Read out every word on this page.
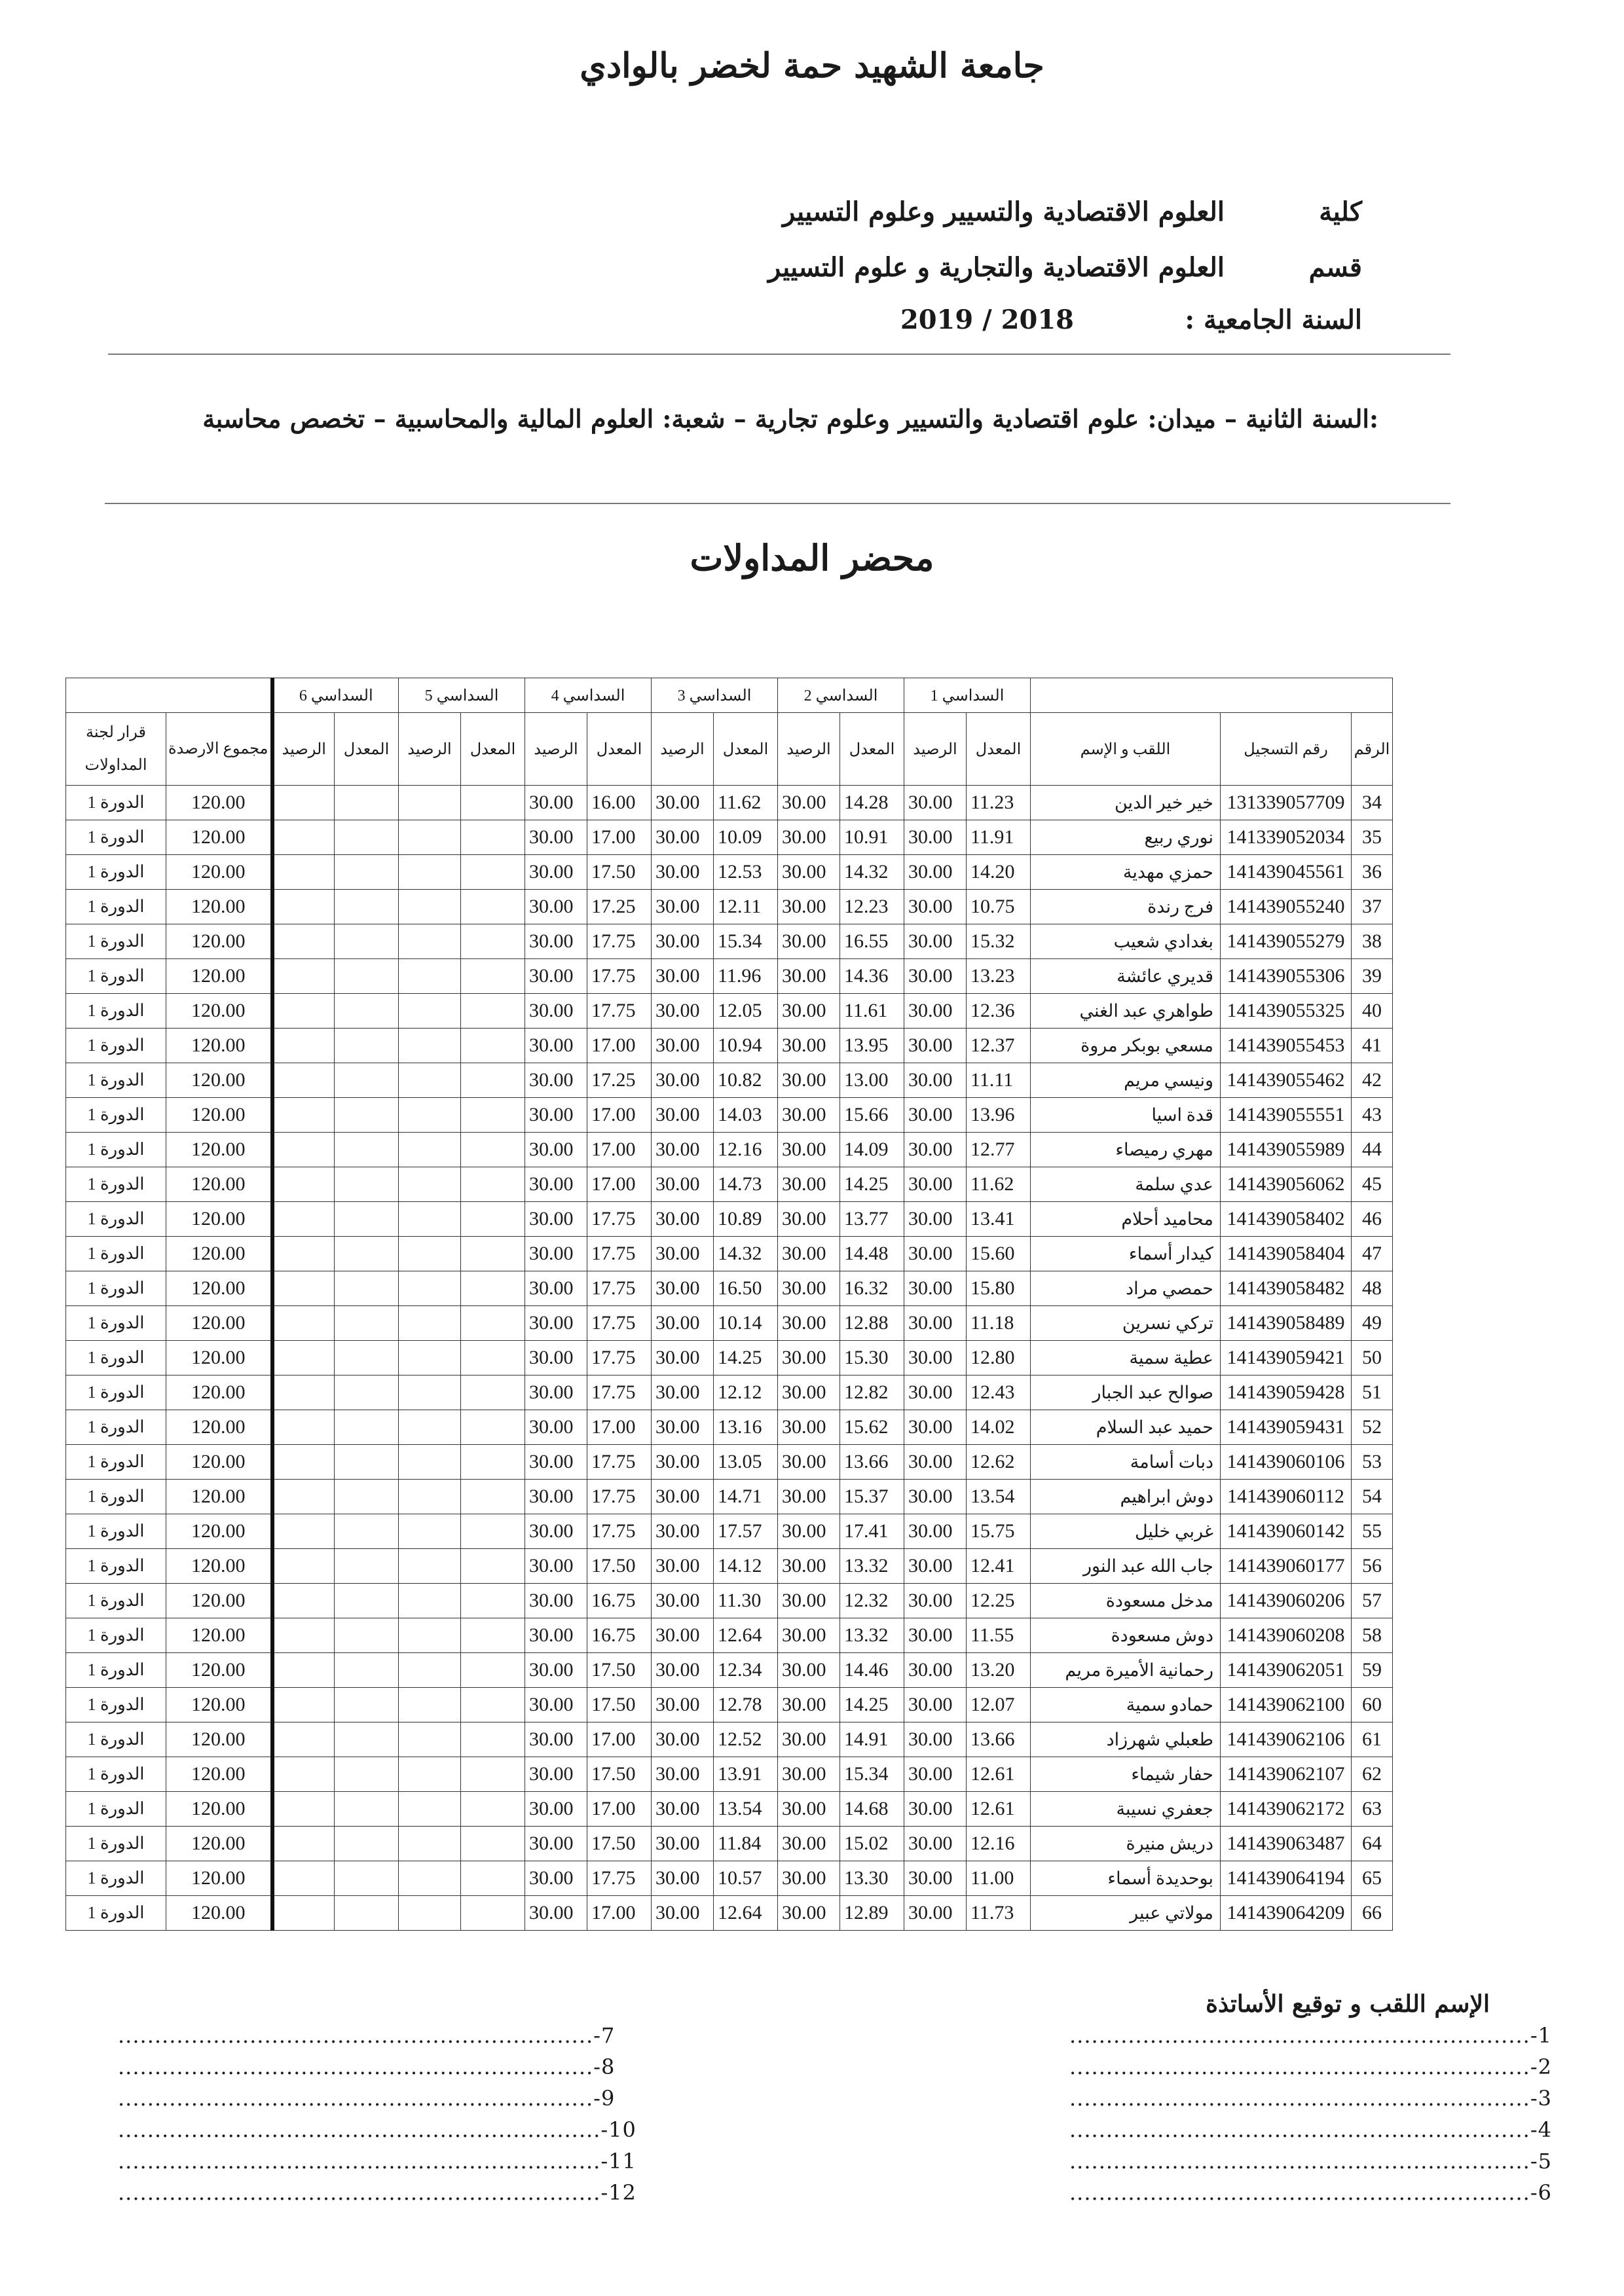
جامعة الشهيد حمة لخضر بالوادي
كلية
العلوم الاقتصادية والتسيير وعلوم التسيير
قسم
العلوم الاقتصادية والتجارية و علوم التسيير
السنة الجامعية :
2019 / 2018
:السنة الثانية – ميدان: علوم اقتصادية والتسيير وعلوم تجارية – شعبة: العلوم المالية والمحاسبية – تخصص محاسبة
محضر المداولات
			السداسي 1		السداسي 2		السداسي 3		السداسي 4		السداسي 5		السداسي 6			
الرقم	رقم التسجيل	اللقب و الإسم	المعدل	الرصيد	المعدل	الرصيد	المعدل	الرصيد	المعدل	الرصيد	المعدل	الرصيد	المعدل	الرصيد	مجموع الارصدة	قرار لجنة المداولات
34	131339057709	خير خير الدين	11.23	30.00	14.28	30.00	11.62	30.00	16.00	30.00					120.00	الدورة 1
35	141339052034	نوري ربيع	11.91	30.00	10.91	30.00	10.09	30.00	17.00	30.00					120.00	الدورة 1
36	141439045561	حمزي مهدية	14.20	30.00	14.32	30.00	12.53	30.00	17.50	30.00					120.00	الدورة 1
37	141439055240	فرج رندة	10.75	30.00	12.23	30.00	12.11	30.00	17.25	30.00					120.00	الدورة 1
38	141439055279	بغدادي شعيب	15.32	30.00	16.55	30.00	15.34	30.00	17.75	30.00					120.00	الدورة 1
39	141439055306	قديري عائشة	13.23	30.00	14.36	30.00	11.96	30.00	17.75	30.00					120.00	الدورة 1
40	141439055325	طواهري عبد الغني	12.36	30.00	11.61	30.00	12.05	30.00	17.75	30.00					120.00	الدورة 1
41	141439055453	مسعي بوبكر مروة	12.37	30.00	13.95	30.00	10.94	30.00	17.00	30.00					120.00	الدورة 1
42	141439055462	ونيسي مريم	11.11	30.00	13.00	30.00	10.82	30.00	17.25	30.00					120.00	الدورة 1
43	141439055551	قدة اسيا	13.96	30.00	15.66	30.00	14.03	30.00	17.00	30.00					120.00	الدورة 1
44	141439055989	مهري رميصاء	12.77	30.00	14.09	30.00	12.16	30.00	17.00	30.00					120.00	الدورة 1
45	141439056062	عدي سلمة	11.62	30.00	14.25	30.00	14.73	30.00	17.00	30.00					120.00	الدورة 1
46	141439058402	محاميد أحلام	13.41	30.00	13.77	30.00	10.89	30.00	17.75	30.00					120.00	الدورة 1
47	141439058404	كيدار أسماء	15.60	30.00	14.48	30.00	14.32	30.00	17.75	30.00					120.00	الدورة 1
48	141439058482	حمصي مراد	15.80	30.00	16.32	30.00	16.50	30.00	17.75	30.00					120.00	الدورة 1
49	141439058489	تركي نسرين	11.18	30.00	12.88	30.00	10.14	30.00	17.75	30.00					120.00	الدورة 1
50	141439059421	عطية سمية	12.80	30.00	15.30	30.00	14.25	30.00	17.75	30.00					120.00	الدورة 1
51	141439059428	صوالح عبد الجبار	12.43	30.00	12.82	30.00	12.12	30.00	17.75	30.00					120.00	الدورة 1
52	141439059431	حميد عبد السلام	14.02	30.00	15.62	30.00	13.16	30.00	17.00	30.00					120.00	الدورة 1
53	141439060106	دبات أسامة	12.62	30.00	13.66	30.00	13.05	30.00	17.75	30.00					120.00	الدورة 1
54	141439060112	دوش ابراهيم	13.54	30.00	15.37	30.00	14.71	30.00	17.75	30.00					120.00	الدورة 1
55	141439060142	غربي خليل	15.75	30.00	17.41	30.00	17.57	30.00	17.75	30.00					120.00	الدورة 1
56	141439060177	جاب الله عبد النور	12.41	30.00	13.32	30.00	14.12	30.00	17.50	30.00					120.00	الدورة 1
57	141439060206	مدخل مسعودة	12.25	30.00	12.32	30.00	11.30	30.00	16.75	30.00					120.00	الدورة 1
58	141439060208	دوش مسعودة	11.55	30.00	13.32	30.00	12.64	30.00	16.75	30.00					120.00	الدورة 1
59	141439062051	رحمانية الأميرة مريم	13.20	30.00	14.46	30.00	12.34	30.00	17.50	30.00					120.00	الدورة 1
60	141439062100	حمادو سمية	12.07	30.00	14.25	30.00	12.78	30.00	17.50	30.00					120.00	الدورة 1
61	141439062106	طعبلي شهرزاد	13.66	30.00	14.91	30.00	12.52	30.00	17.00	30.00					120.00	الدورة 1
62	141439062107	حفار شيماء	12.61	30.00	15.34	30.00	13.91	30.00	17.50	30.00					120.00	الدورة 1
63	141439062172	جعفري نسيبة	12.61	30.00	14.68	30.00	13.54	30.00	17.00	30.00					120.00	الدورة 1
64	141439063487	دريش منيرة	12.16	30.00	15.02	30.00	11.84	30.00	17.50	30.00					120.00	الدورة 1
65	141439064194	بوحديدة أسماء	11.00	30.00	13.30	30.00	10.57	30.00	17.75	30.00					120.00	الدورة 1
66	141439064209	مولاتي عبير	11.73	30.00	12.89	30.00	12.64	30.00	17.00	30.00					120.00	الدورة 1
الإسم اللقب و توقيع الأساتذة
...............................................................-1
...............................................................-2
...............................................................-3
...............................................................-4
...............................................................-5
...............................................................-6
.................................................................-7
.................................................................-8
.................................................................-9
..................................................................-10
..................................................................-11
..................................................................-12
